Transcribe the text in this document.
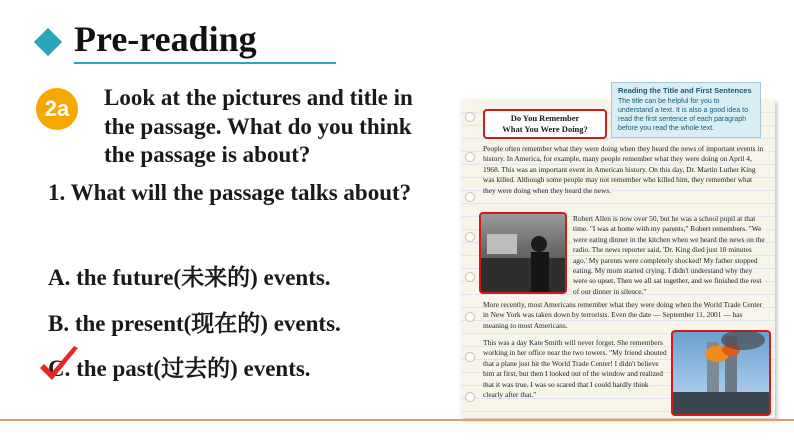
Pre-reading
2a	Look at the pictures and title in the passage. What do you think the passage is about?
1. What will the passage talks about?
A. the future(未来的) events.
B. the present(现在的) events.
C. the past(过去的) events.
Do You Remember
What You Were Doing?
People often remember what they were doing when they heard the news of important events in history. In America, for example, many people remember what they were doing on April 4, 1968. This was an important event in American history. On this day, Dr. Martin Luther King was killed. Although some people may not remember who killed him, they remember what they were doing when they heard the news.
Robert Allen is now over 50, but he was a school pupil at that time. "I was at home with my parents," Robert remembers. "We were eating dinner in the kitchen when we heard the news on the radio. The news reporter said, 'Dr. King died just 10 minutes ago.' My parents were completely shocked! My father stopped eating. My mom started crying. I didn't understand why they were so upset. Then we all sat together, and we finished the rest of our dinner in silence."
More recently, most Americans remember what they were doing when the World Trade Center in New York was taken down by terrorists. Even the date — September 11, 2001 — has meaning to most Americans.
This was a day Kate Smith will never forget. She remembers working in her office near the two towers. "My friend shouted that a plane just hit the World Trade Center! I didn't believe him at first, but then I looked out of the window and realized that it was true. I was so scared that I could hardly think clearly after that."
Reading the Title and First Sentences
The title can be helpful for you to understand a text. It is also a good idea to read the first sentence of each paragraph before you read the whole text.
